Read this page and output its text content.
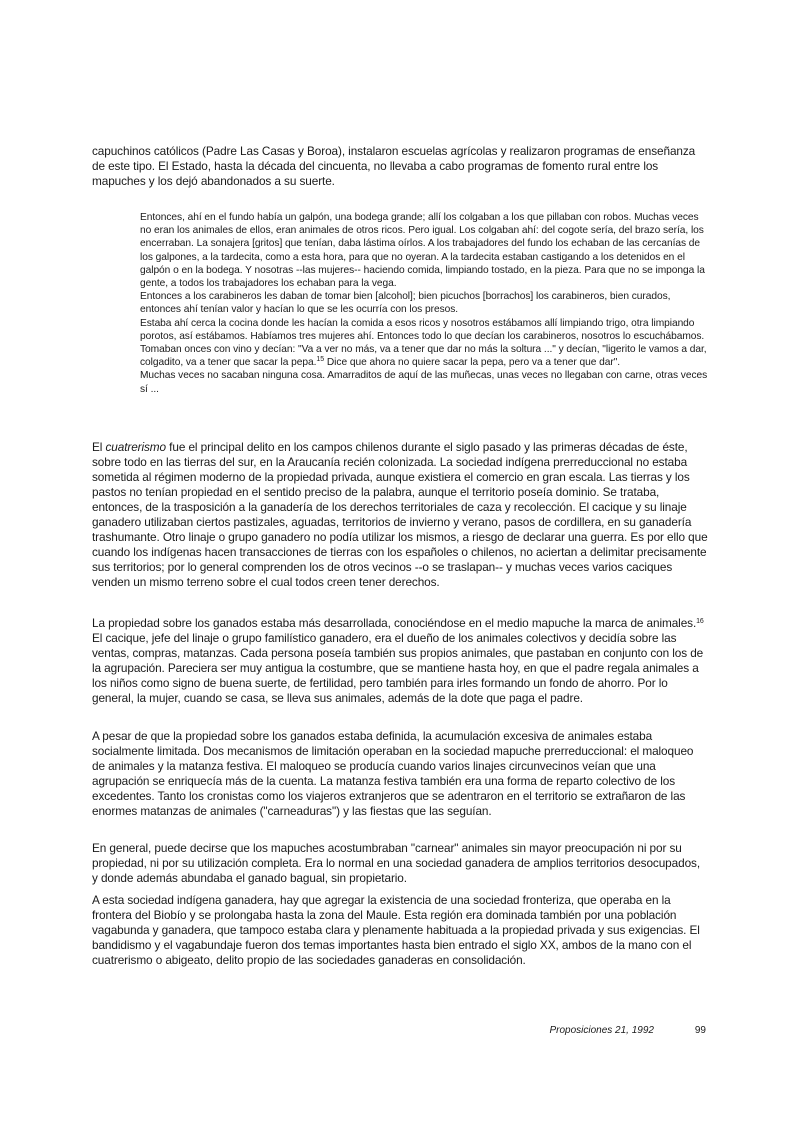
capuchinos católicos (Padre Las Casas y Boroa), instalaron escuelas agrícolas y realizaron programas de enseñanza de este tipo. El Estado, hasta la década del cincuenta, no llevaba a cabo programas de fomento rural entre los mapuches y los dejó abandonados a su suerte.

Entonces, ahí en el fundo había un galpón, una bodega grande; allí los colgaban a los que pillaban con robos. Muchas veces no eran los animales de ellos, eran animales de otros ricos. Pero igual. Los colgaban ahí: del cogote sería, del brazo sería, los encerraban. La sonajera [gritos] que tenían, daba lástima oírlos. A los trabajadores del fundo los echaban de las cercanías de los galpones, a la tardecita, como a esta hora, para que no oyeran. A la tardecita estaban castigando a los detenidos en el galpón o en la bodega. Y nosotras --las mujeres-- haciendo comida, limpiando tostado, en la pieza. Para que no se imponga la gente, a todos los trabajadores los echaban para la vega.

Entonces a los carabineros les daban de tomar bien [alcohol]; bien picuchos [borrachos] los carabineros, bien curados, entonces ahí tenían valor y hacían lo que se les ocurría con los presos.

Estaba ahí cerca la cocina donde les hacían la comida a esos ricos y nosotros estábamos allí limpiando trigo, otra limpiando porotos, así estábamos. Habíamos tres mujeres ahí. Entonces todo lo que decían los carabineros, nosotros lo escuchábamos. Tomaban onces con vino y decían: "Va a ver no más, va a tener que dar no más la soltura ..." y decían, "ligerito le vamos a dar, colgadito, va a tener que sacar la pepa.$^{15}$ Dice que ahora no quiere sacar la pepa, pero va a tener que dar".

Muchas veces no sacaban ninguna cosa. Amarraditos de aquí de las muñecas, unas veces no llegaban con carne, otras veces sí ...

El cuatrerismo fue el principal delito en los campos chilenos durante el siglo pasado y las primeras décadas de éste, sobre todo en las tierras del sur, en la Araucanía recién colonizada. La sociedad indígena prerreduccional no estaba sometida al régimen moderno de la propiedad privada, aunque existiera el comercio en gran escala. Las tierras y los pastos no tenían propiedad en el sentido preciso de la palabra, aunque el territorio poseía dominio. Se trataba, entonces, de la trasposición a la ganadería de los derechos territoriales de caza y recolección. El cacique y su linaje ganadero utilizaban ciertos pastizales, aguadas, territorios de invierno y verano, pasos de cordillera, en su ganadería trashumante. Otro linaje o grupo ganadero no podía utilizar los mismos, a riesgo de declarar una guerra. Es por ello que cuando los indígenas hacen transacciones de tierras con los españoles o chilenos, no aciertan a delimitar precisamente sus territorios; por lo general comprenden los de otros vecinos --o se traslapan-- y muchas veces varios caciques venden un mismo terreno sobre el cual todos creen tener derechos.

La propiedad sobre los ganados estaba más desarrollada, conociéndose en el medio mapuche la marca de animales.$^{16}$ El cacique, jefe del linaje o grupo familístico ganadero, era el dueño de los animales colectivos y decidía sobre las ventas, compras, matanzas. Cada persona poseía también sus propios animales, que pastaban en conjunto con los de la agrupación. Pareciera ser muy antigua la costumbre, que se mantiene hasta hoy, en que el padre regala animales a los niños como signo de buena suerte, de fertilidad, pero también para irles formando un fondo de ahorro. Por lo general, la mujer, cuando se casa, se lleva sus animales, además de la dote que paga el padre.

A pesar de que la propiedad sobre los ganados estaba definida, la acumulación excesiva de animales estaba socialmente limitada. Dos mecanismos de limitación operaban en la sociedad mapuche prerreduccional: el maloqueo de animales y la matanza festiva. El maloqueo se producía cuando varios linajes circunvecinos veían que una agrupación se enriquecía más de la cuenta. La matanza festiva también era una forma de reparto colectivo de los excedentes. Tanto los cronistas como los viajeros extranjeros que se adentraron en el territorio se extrañaron de las enormes matanzas de animales ("carneaduras") y las fiestas que las seguían.

En general, puede decirse que los mapuches acostumbraban "carnear" animales sin mayor preocupación ni por su propiedad, ni por su utilización completa. Era lo normal en una sociedad ganadera de amplios territorios desocupados, y donde además abundaba el ganado bagual, sin propietario.

A esta sociedad indígena ganadera, hay que agregar la existencia de una sociedad fronteriza, que operaba en la frontera del Biobío y se prolongaba hasta la zona del Maule. Esta región era dominada también por una población vagabunda y ganadera, que tampoco estaba clara y plenamente habituada a la propiedad privada y sus exigencias. El bandidismo y el vagabundaje fueron dos temas importantes hasta bien entrado el siglo XX, ambos de la mano con el cuatrerismo o abigeato, delito propio de las sociedades ganaderas en consolidación.

Proposiciones 21, 1992	99
